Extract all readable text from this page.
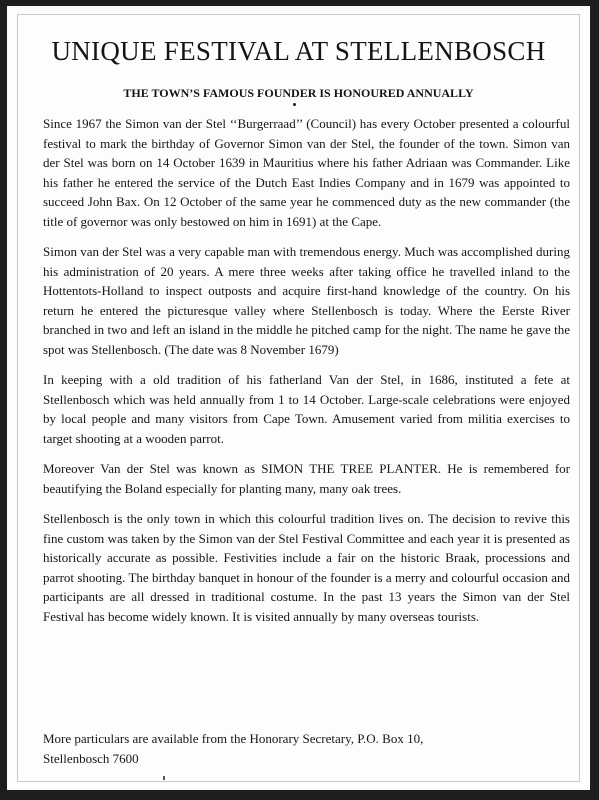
UNIQUE FESTIVAL AT STELLENBOSCH
THE TOWN’S FAMOUS FOUNDER IS HONOURED ANNUALLY

Since 1967 the Simon van der Stel ‘‘Burgerraad’’ (Council) has every October presented a colourful festival to mark the birthday of Governor Simon van der Stel, the founder of the town. Simon van der Stel was born on 14 October 1639 in Mauritius where his father Adriaan was Commander. Like his father he entered the service of the Dutch East Indies Company and in 1679 was appointed to succeed John Bax. On 12 October of the same year he commenced duty as the new commander (the title of governor was only bestowed on him in 1691) at the Cape.

Simon van der Stel was a very capable man with tremendous energy. Much was accomplished during his administration of 20 years. A mere three weeks after taking office he travelled inland to the Hottentots-Holland to inspect outposts and acquire first-hand knowledge of the country. On his return he entered the picturesque valley where Stellenbosch is today. Where the Eerste River branched in two and left an island in the middle he pitched camp for the night. The name he gave the spot was Stellenbosch. (The date was 8 November 1679)

In keeping with a old tradition of his fatherland Van der Stel, in 1686, instituted a fete at Stellenbosch which was held annually from 1 to 14 October. Large-scale celebrations were enjoyed by local people and many visitors from Cape Town. Amusement varied from militia exercises to target shooting at a wooden parrot.

Moreover Van der Stel was known as SIMON THE TREE PLANTER. He is remembered for beautifying the Boland especially for planting many, many oak trees.

Stellenbosch is the only town in which this colourful tradition lives on. The decision to revive this fine custom was taken by the Simon van der Stel Festival Committee and each year it is presented as historically accurate as possible. Festivities include a fair on the historic Braak, processions and parrot shooting. The birthday banquet in honour of the founder is a merry and colourful occasion and participants are all dressed in traditional costume. In the past 13 years the Simon van der Stel Festival has become widely known. It is visited annually by many overseas tourists.

More particulars are available from the Honorary Secretary, P.O. Box 10,
Stellenbosch 7600
